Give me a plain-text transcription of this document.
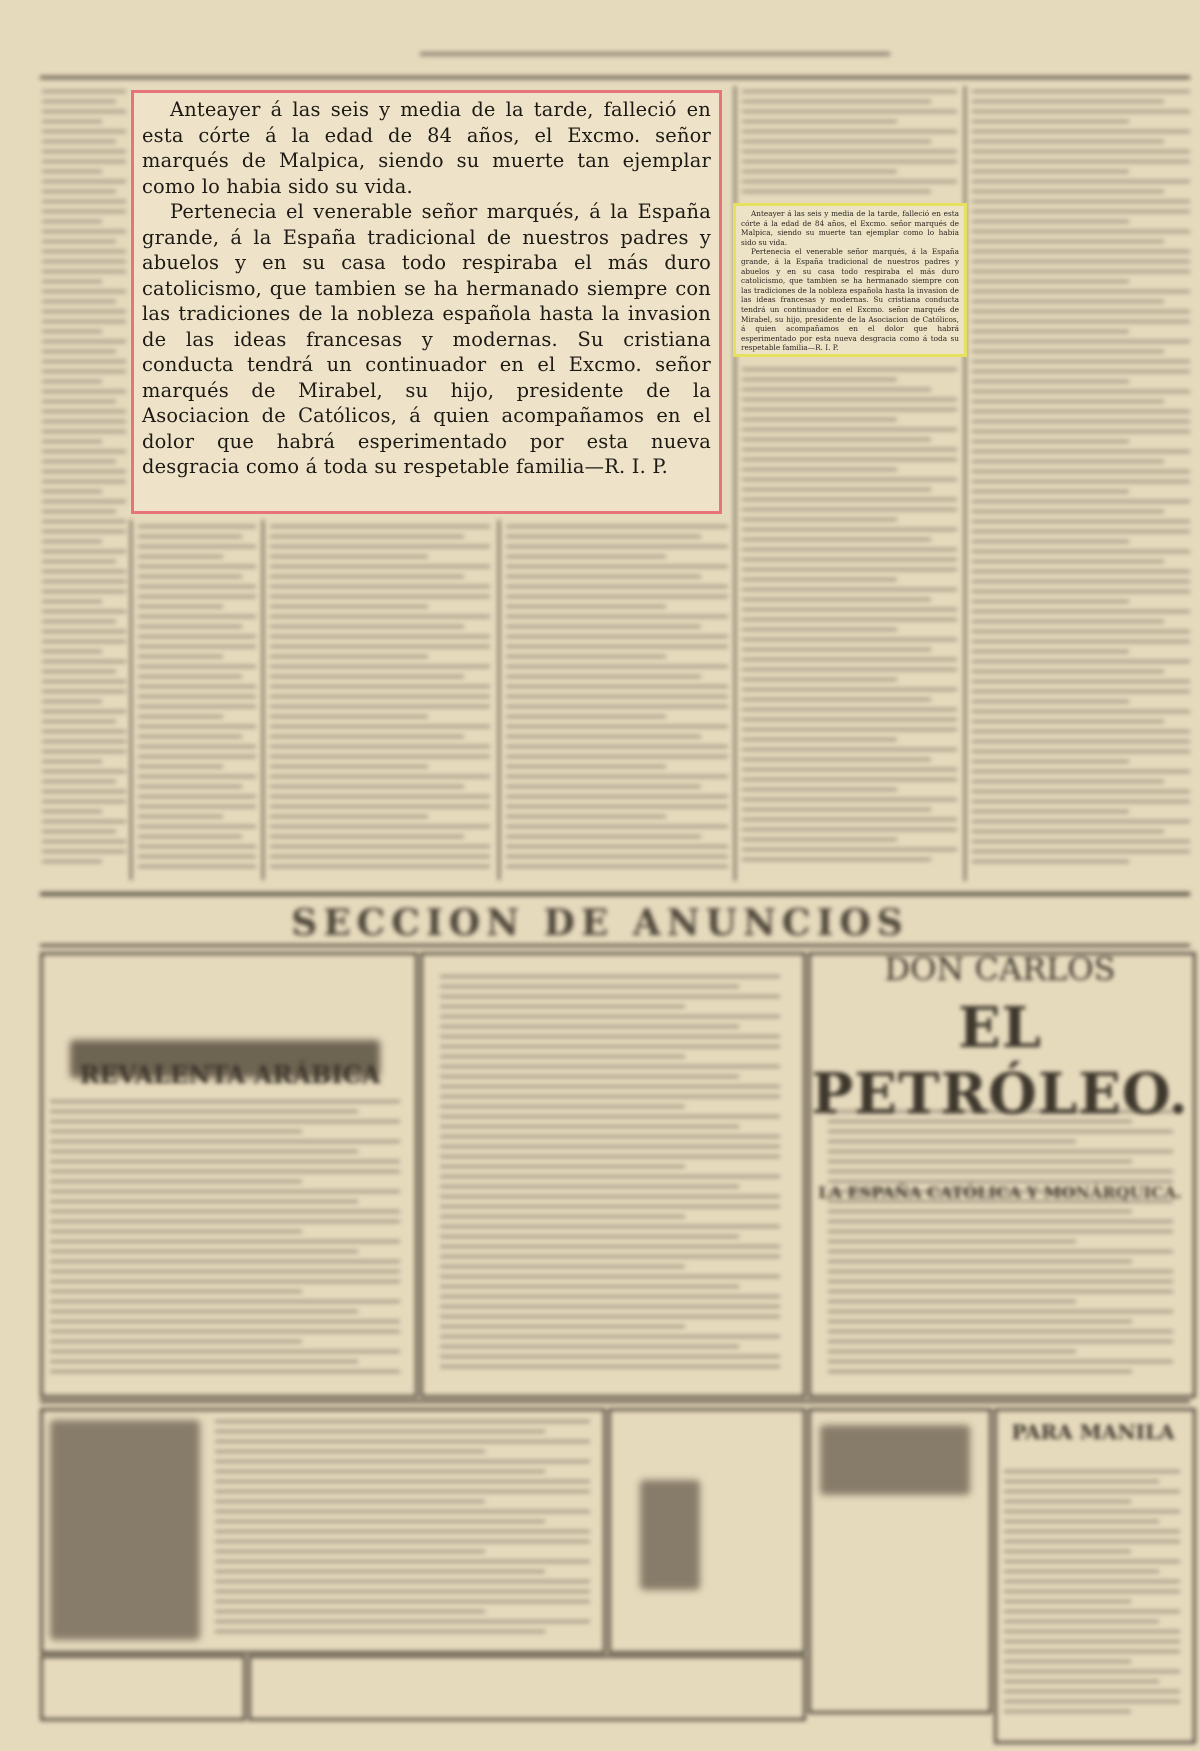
SECCION DE ANUNCIOS
REVALENTA ARÁBICA
DON CARLOS
EL PETRÓLEO.
LA ESPAÑA CATÓLICA Y MONÁRQUICA.
PARA MANILA

Anteayer á las seis y media de la tarde, falleció en esta córte á la edad de 84 años, el Excmo. señor marqués de Malpica, siendo su muerte tan ejemplar como lo habia sido su vida.

Pertenecia el venerable señor marqués, á la España grande, á la España tradicional de nuestros padres y abuelos y en su casa todo respiraba el más duro catolicismo, que tambien se ha hermanado siempre con las tradiciones de la nobleza española hasta la invasion de las ideas francesas y modernas. Su cristiana conducta tendrá un continuador en el Excmo. señor marqués de Mirabel, su hijo, presidente de la Asociacion de Católicos, á quien acompañamos en el dolor que habrá esperimentado por esta nueva desgracia como á toda su respetable familia—R. I. P.

Anteayer á las seis y media de la tarde, falleció en esta córte á la edad de 84 años, el Excmo. señor marqués de Malpica, siendo su muerte tan ejemplar como lo habia sido su vida.

Pertenecia el venerable señor marqués, á la España grande, á la España tradicional de nuestros padres y abuelos y en su casa todo respiraba el más duro catolicismo, que tambien se ha hermanado siempre con las tradiciones de la nobleza española hasta la invasion de las ideas francesas y modernas. Su cristiana conducta tendrá un continuador en el Excmo. señor marqués de Mirabel, su hijo, presidente de la Asociacion de Católicos, á quien acompañamos en el dolor que habrá esperimentado por esta nueva desgracia como á toda su respetable familia—R. I. P.
